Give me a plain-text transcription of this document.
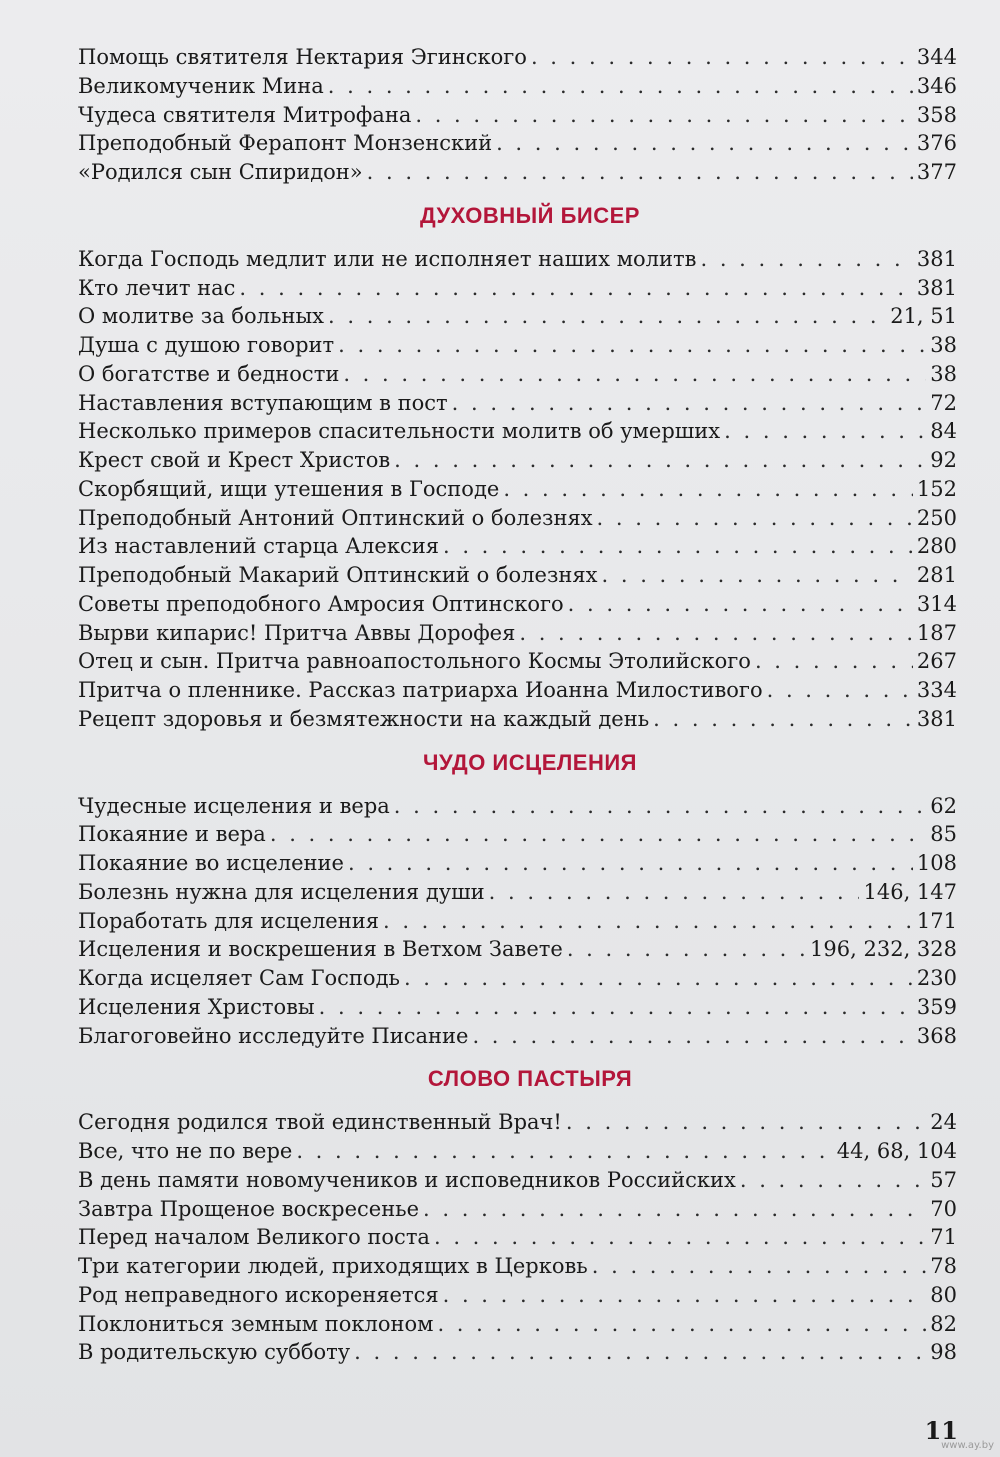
Помощь святителя Нектария Эгинского . . .	344
Великомученик Мина . . .	346
Чудеса святителя Митрофана . . .	358
Преподобный Ферапонт Монзенский . . .	376
«Родился сын Спиридон» . . .	377
ДУХОВНЫЙ БИСЕР
Когда Господь медлит или не исполняет наших молитв . . .	381
Кто лечит нас . . .	381
О молитве за больных . . .	21, 51
Душа с душою говорит . . .	38
О богатстве и бедности . . .	38
Наставления вступающим в пост . . .	72
Несколько примеров спасительности молитв об умерших . . .	84
Крест свой и Крест Христов . . .	92
Скорбящий, ищи утешения в Господе . . .	152
Преподобный Антоний Оптинский о болезнях . . .	250
Из наставлений старца Алексия . . .	280
Преподобный Макарий Оптинский о болезнях . . .	281
Советы преподобного Амросия Оптинского . . .	314
Вырви кипарис! Притча Аввы Дорофея . . .	187
Отец и сын. Притча равноапостольного Космы Этолийского . . .	267
Притча о пленнике. Рассказ патриарха Иоанна Милостивого . . .	334
Рецепт здоровья и безмятежности на каждый день . . .	381
ЧУДО ИСЦЕЛЕНИЯ
Чудесные исцеления и вера . . .	62
Покаяние и вера . . .	85
Покаяние во исцеление . . .	108
Болезнь нужна для исцеления души . . .	146, 147
Поработать для исцеления . . .	171
Исцеления и воскрешения в Ветхом Завете . . .	196, 232, 328
Когда исцеляет Сам Господь . . .	230
Исцеления Христовы . . .	359
Благоговейно исследуйте Писание . . .	368
СЛОВО ПАСТЫРЯ
Сегодня родился твой единственный Врач! . . .	24
Все, что не по вере . . .	44, 68, 104
В день памяти новомучеников и исповедников Российских . . .	57
Завтра Прощеное воскресенье . . .	70
Перед началом Великого поста . . .	71
Три категории людей, приходящих в Церковь . . .	78
Род неправедного искореняется . . .	80
Поклониться земным поклоном . . .	82
В родительскую субботу . . .	98
11
www.ay.by
